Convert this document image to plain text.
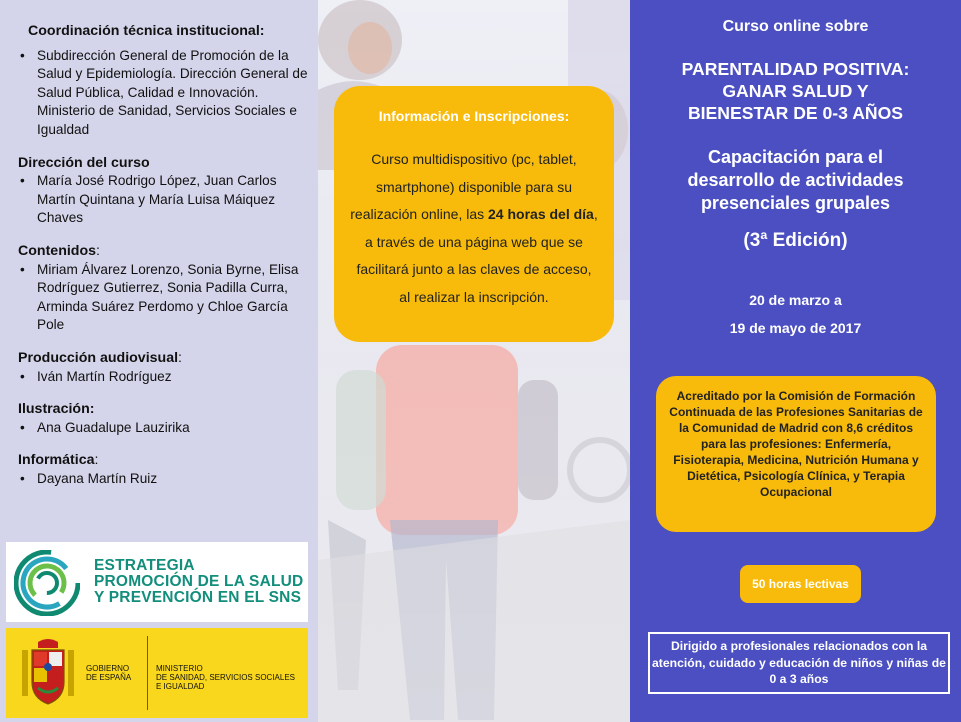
Coordinación técnica institucional:

• Subdirección General de Promoción de la Salud y Epidemiología. Dirección General de Salud Pública, Calidad e Innovación. Ministerio de Sanidad, Servicios Sociales e Igualdad

Dirección del curso

• María José Rodrigo López, Juan Carlos Martín Quintana y María Luisa Máiquez Chaves

Contenidos:

• Miriam Álvarez Lorenzo, Sonia Byrne, Elisa Rodríguez Gutierrez, Sonia Padilla Curra, Arminda Suárez Perdomo y Chloe García Pole

Producción audiovisual:

• Iván Martín Rodríguez

Ilustración:

• Ana Guadalupe Lauzirika

Informática:

• Dayana Martín Ruiz
ESTRATEGIA
PROMOCIÓN DE LA SALUD
Y PREVENCIÓN EN EL SNS
GOBIERNO
DE ESPAÑA
MINISTERIO
DE SANIDAD, SERVICIOS SOCIALES
E IGUALDAD
Información e Inscripciones:
Curso multidispositivo (pc, tablet, smartphone) disponible para su realización online, las 24 horas del día, a través de una página web que se facilitará junto a las claves de acceso, al realizar la inscripción.
Curso online sobre
PARENTALIDAD POSITIVA:
GANAR SALUD Y
BIENESTAR DE 0-3 AÑOS
Capacitación para el
desarrollo de actividades
presenciales grupales
(3ª Edición)
20 de marzo a
19 de mayo de 2017
Acreditado por la Comisión de Formación Continuada de las Profesiones Sanitarias de la Comunidad de Madrid con 8,6 créditos para las profesiones: Enfermería, Fisioterapia, Medicina, Nutrición Humana y Dietética, Psicología Clínica, y Terapia Ocupacional
50 horas lectivas
Dirigido a profesionales relacionados con la atención, cuidado y educación de niños y niñas de 0 a 3 años
